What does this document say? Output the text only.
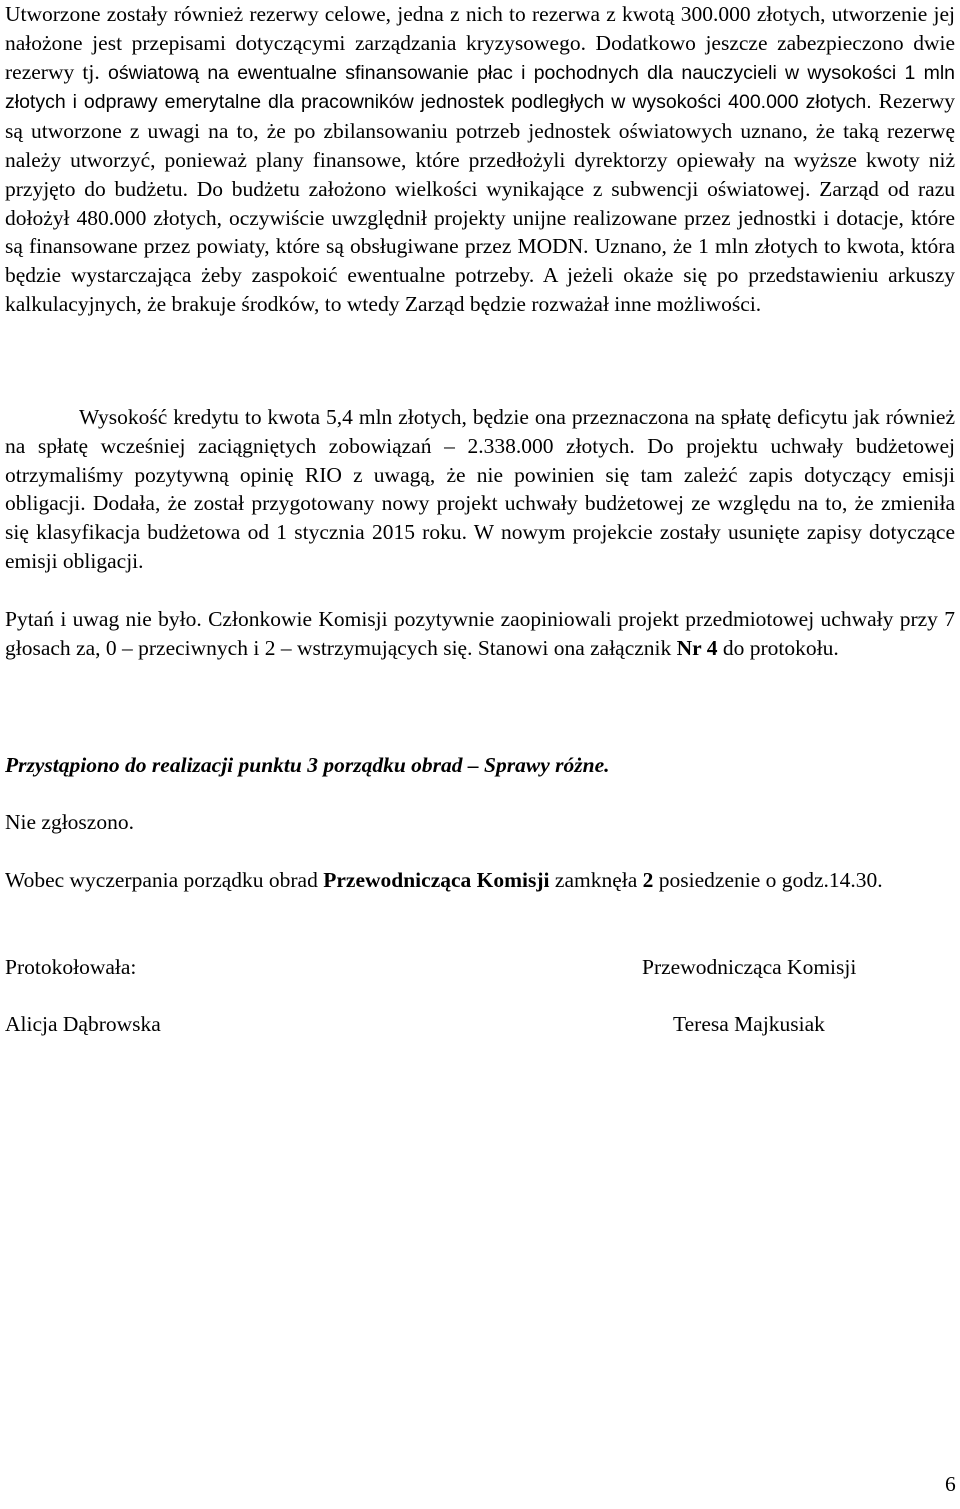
Utworzone zostały również rezerwy celowe, jedna z nich to rezerwa z kwotą 300.000 złotych, utworzenie jej nałożone jest przepisami dotyczącymi zarządzania kryzysowego. Dodatkowo jeszcze zabezpieczono dwie rezerwy tj. oświatową na ewentualne sfinansowanie płac i pochodnych dla nauczycieli w wysokości 1 mln złotych i odprawy emerytalne dla pracowników jednostek podległych w wysokości 400.000 złotych. Rezerwy są utworzone z uwagi na to, że po zbilansowaniu potrzeb jednostek oświatowych uznano, że taką rezerwę należy utworzyć, ponieważ plany finansowe, które przedłożyli dyrektorzy opiewały na wyższe kwoty niż przyjęto do budżetu. Do budżetu założono wielkości wynikające z subwencji oświatowej. Zarząd od razu dołożył 480.000 złotych, oczywiście uwzględnił projekty unijne realizowane przez jednostki i dotacje, które są finansowane przez powiaty, które są obsługiwane przez MODN. Uznano, że 1 mln złotych to kwota, która będzie wystarczająca żeby zaspokoić ewentualne potrzeby. A jeżeli okaże się po przedstawieniu arkuszy kalkulacyjnych, że brakuje środków, to wtedy Zarząd będzie rozważał inne możliwości.

Wysokość kredytu to kwota 5,4 mln złotych, będzie ona przeznaczona na spłatę deficytu jak również na spłatę wcześniej zaciągniętych zobowiązań – 2.338.000 złotych. Do projektu uchwały budżetowej otrzymaliśmy pozytywną opinię RIO z uwagą, że nie powinien się tam zależć zapis dotyczący emisji obligacji. Dodała, że został przygotowany nowy projekt uchwały budżetowej ze względu na to, że zmieniła się klasyfikacja budżetowa od 1 stycznia 2015 roku. W nowym projekcie zostały usunięte zapisy dotyczące emisji obligacji.

Pytań i uwag nie było. Członkowie Komisji pozytywnie zaopiniowali projekt przedmiotowej uchwały przy 7 głosach za, 0 – przeciwnych i 2 – wstrzymujących się. Stanowi ona załącznik Nr 4 do protokołu.

Przystąpiono do realizacji punktu 3 porządku obrad – Sprawy różne.

Nie zgłoszono.

Wobec wyczerpania porządku obrad Przewodnicząca Komisji zamknęła 2 posiedzenie o godz.14.30.

Protokołowała:	Przewodnicząca Komisji
Alicja Dąbrowska	Teresa Majkusiak
6
